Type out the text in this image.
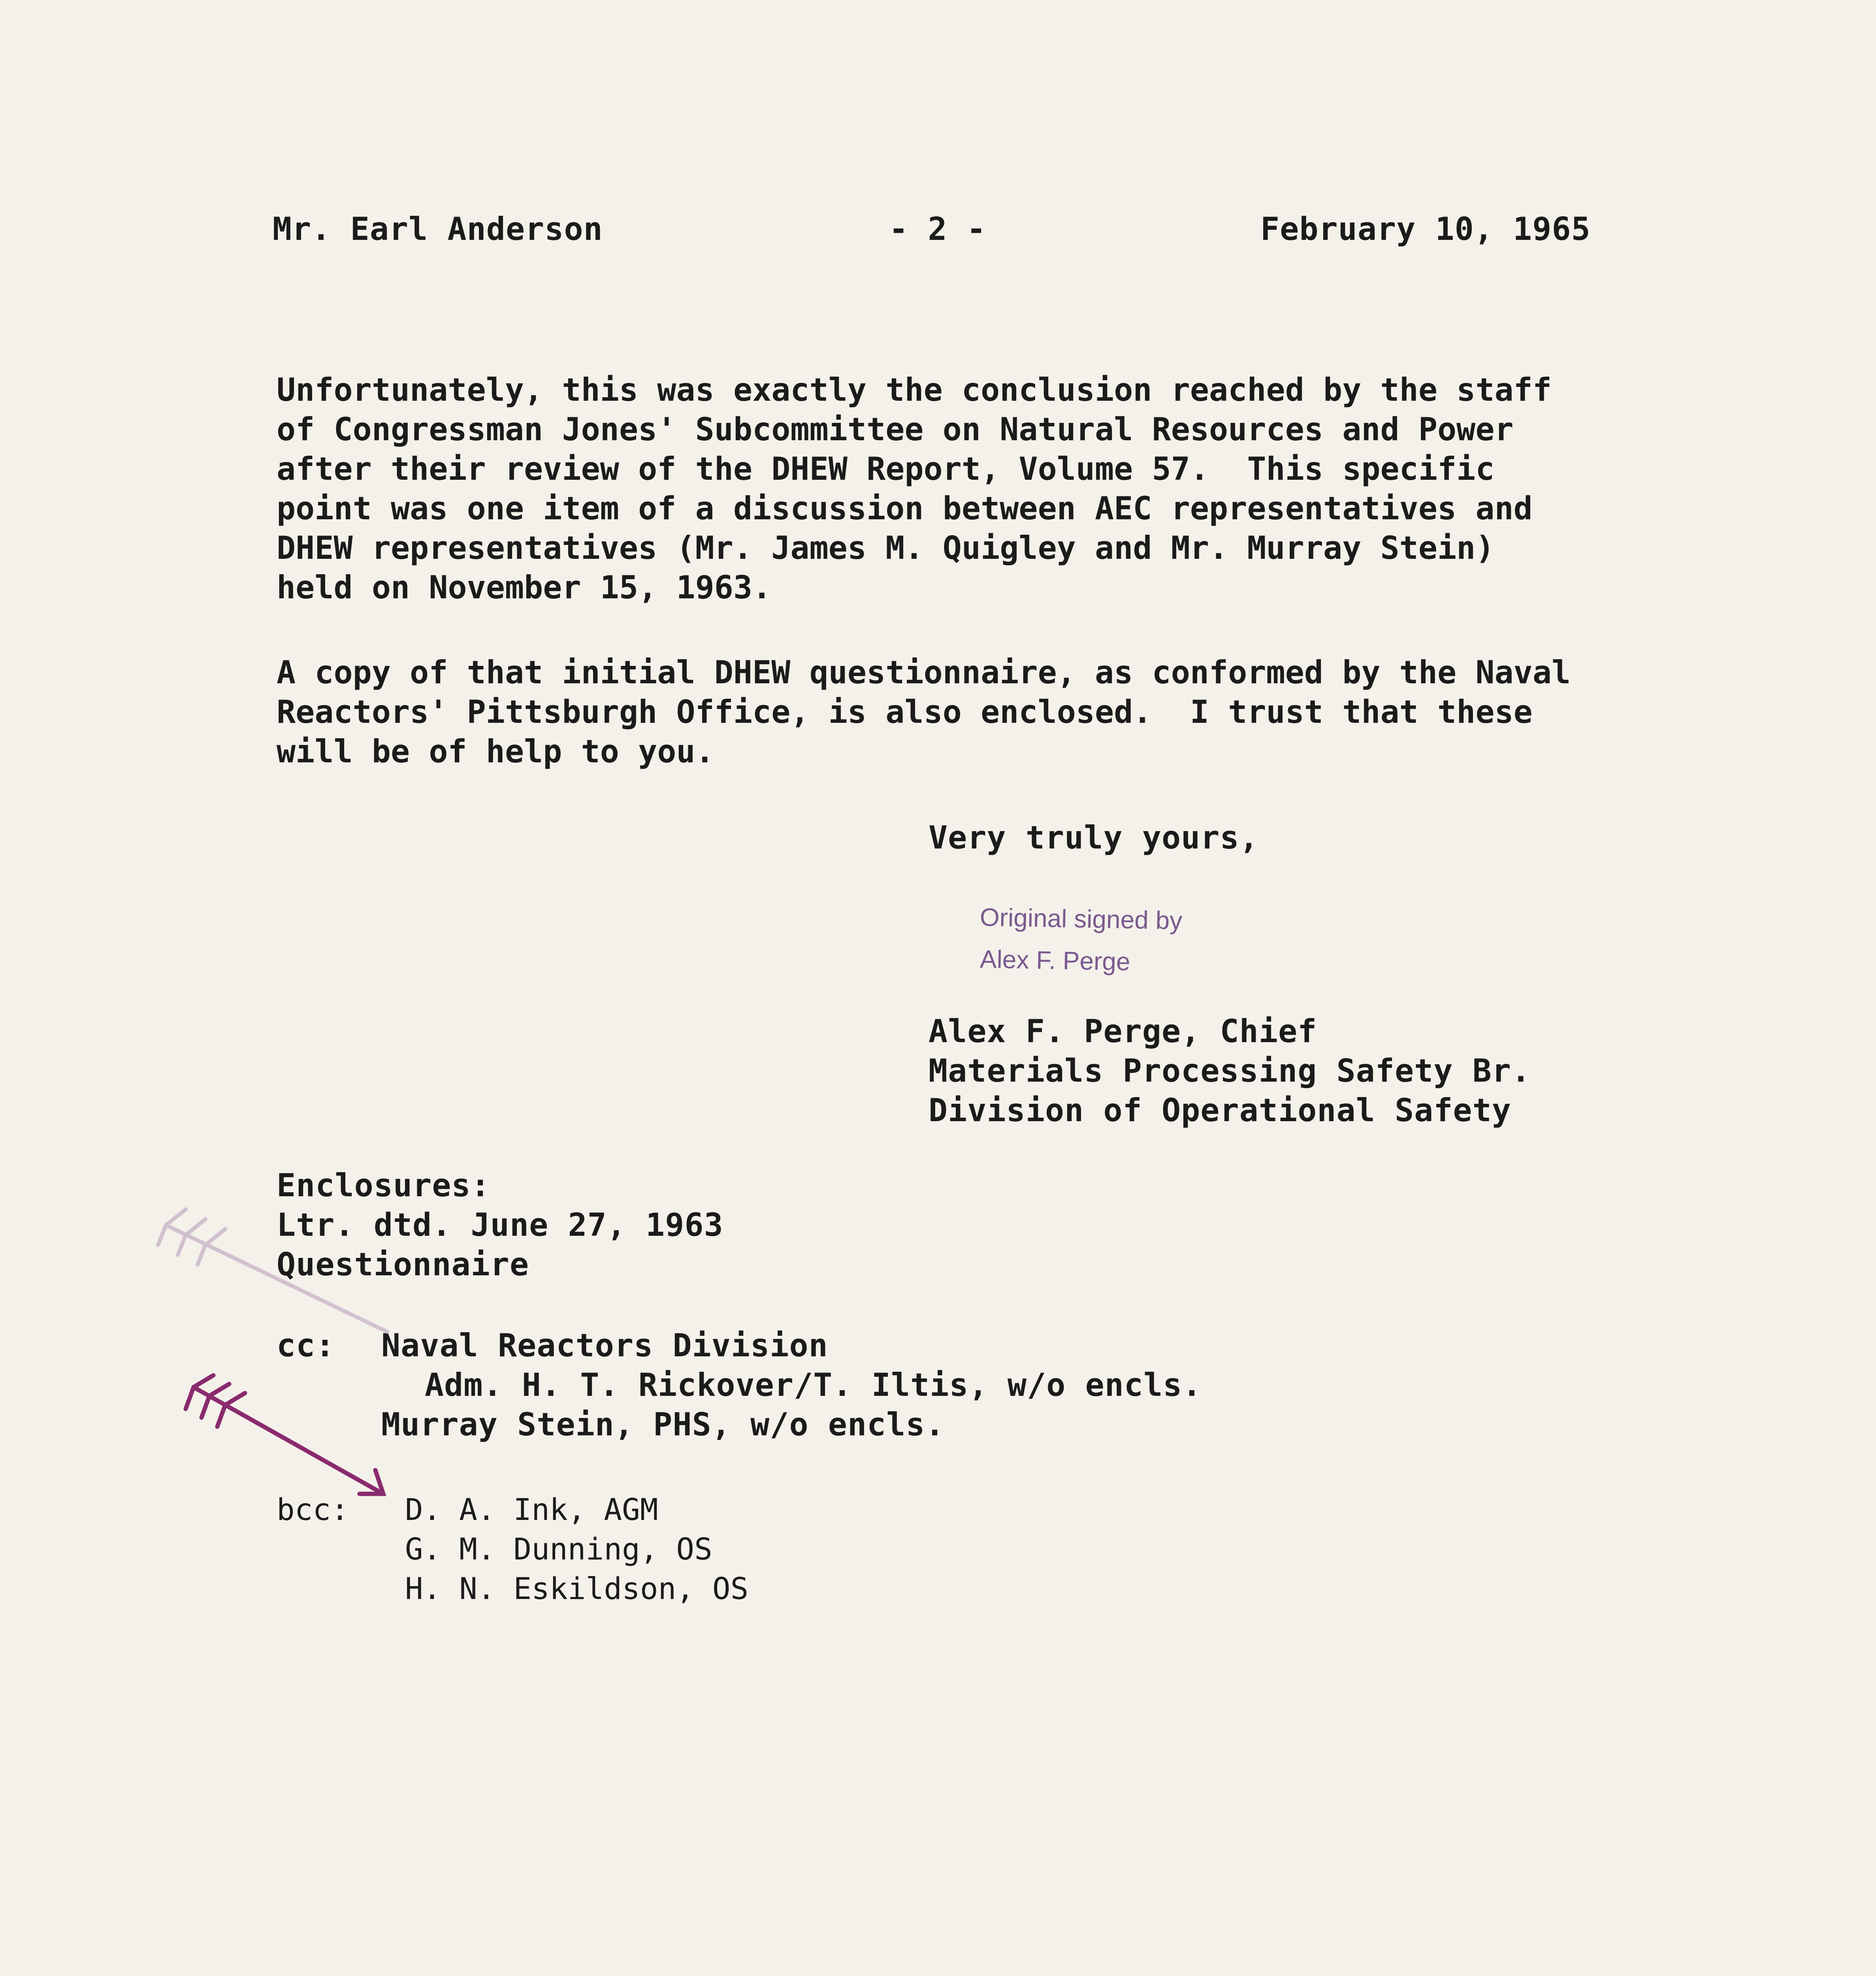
Mr. Earl Anderson	- 2 -	February 10, 1965
Unfortunately, this was exactly the conclusion reached by the staff
of Congressman Jones' Subcommittee on Natural Resources and Power
after their review of the DHEW Report, Volume 57.  This specific
point was one item of a discussion between AEC representatives and
DHEW representatives (Mr. James M. Quigley and Mr. Murray Stein)
held on November 15, 1963.
A copy of that initial DHEW questionnaire, as conformed by the Naval
Reactors' Pittsburgh Office, is also enclosed.  I trust that these
will be of help to you.
Very truly yours,
Original signed by
Alex F. Perge
Alex F. Perge, Chief
Materials Processing Safety Br.
Division of Operational Safety
Enclosures:
Ltr. dtd. June 27, 1963
Questionnaire
cc: Naval Reactors Division
Adm. H. T. Rickover/T. Iltis, w/o encls.
Murray Stein, PHS, w/o encls.
bcc: D. A. Ink, AGM
G. M. Dunning, OS
H. N. Eskildson, OS
